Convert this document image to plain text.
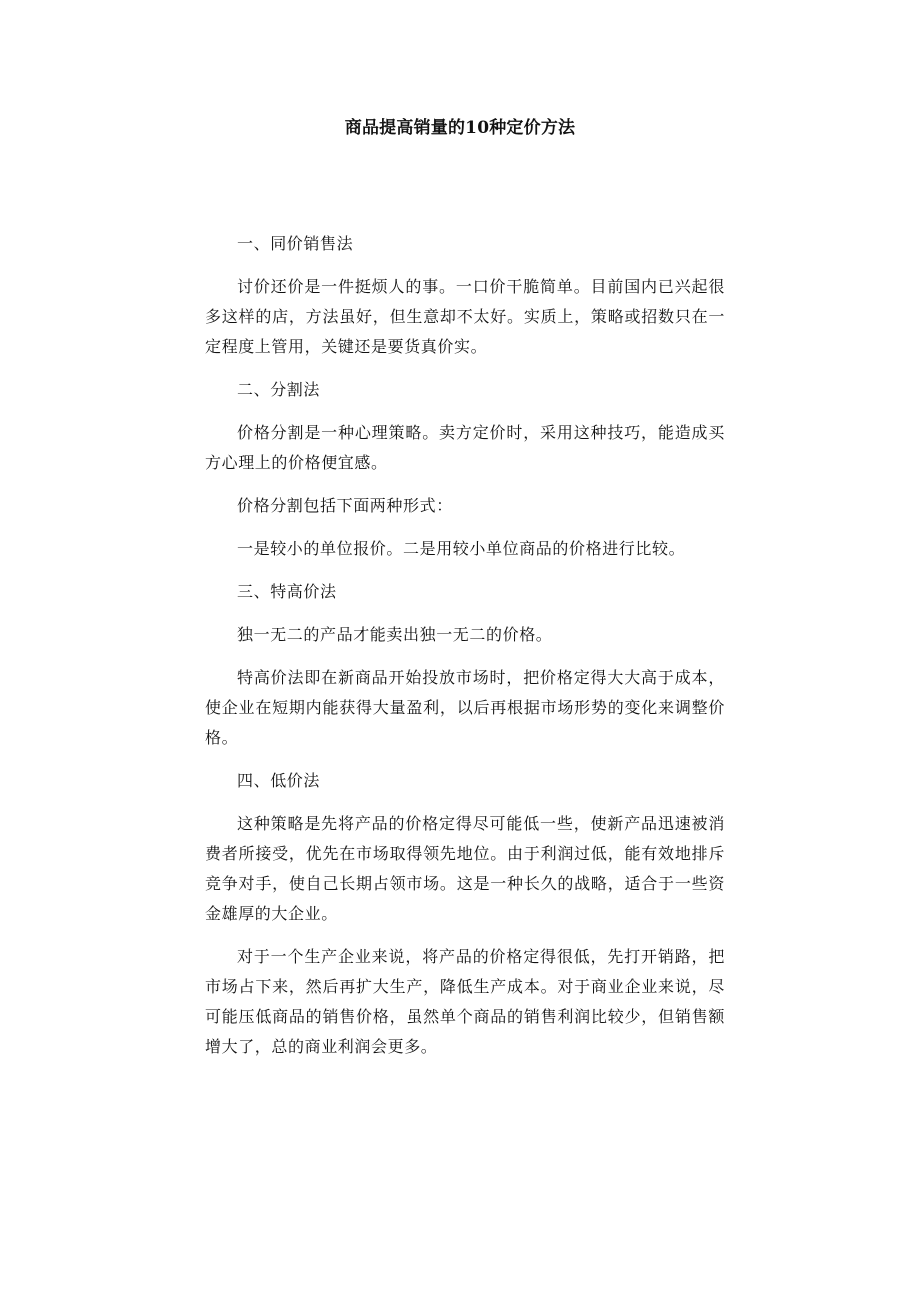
商品提高销量的10种定价方法

一、同价销售法

讨价还价是一件挺烦人的事。一口价干脆简单。目前国内已兴起很多这样的店，方法虽好，但生意却不太好。实质上，策略或招数只在一定程度上管用，关键还是要货真价实。

二、分割法

价格分割是一种心理策略。卖方定价时，采用这种技巧，能造成买方心理上的价格便宜感。

价格分割包括下面两种形式：

一是较小的单位报价。二是用较小单位商品的价格进行比较。

三、特高价法

独一无二的产品才能卖出独一无二的价格。

特高价法即在新商品开始投放市场时，把价格定得大大高于成本，使企业在短期内能获得大量盈利，以后再根据市场形势的变化来调整价格。

四、低价法

这种策略是先将产品的价格定得尽可能低一些，使新产品迅速被消费者所接受，优先在市场取得领先地位。由于利润过低，能有效地排斥竞争对手，使自己长期占领市场。这是一种长久的战略，适合于一些资金雄厚的大企业。

对于一个生产企业来说，将产品的价格定得很低，先打开销路，把市场占下来，然后再扩大生产，降低生产成本。对于商业企业来说，尽可能压低商品的销售价格，虽然单个商品的销售利润比较少，但销售额增大了，总的商业利润会更多。
